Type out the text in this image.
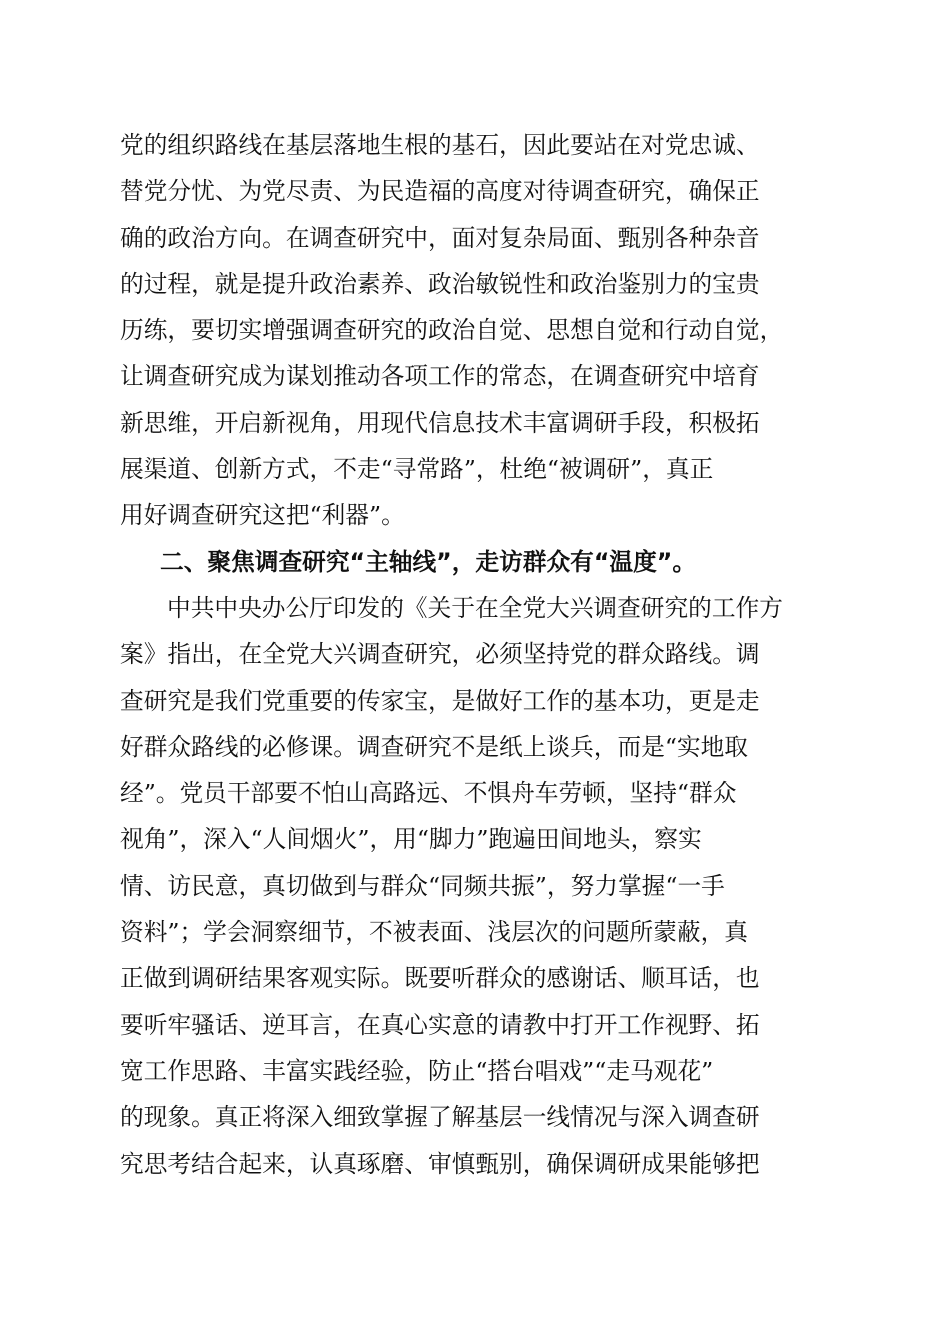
党的组织路线在基层落地生根的基石，因此要站在对党忠诚、
替党分忧、为党尽责、为民造福的高度对待调查研究，确保正
确的政治方向。在调查研究中，面对复杂局面、甄别各种杂音
的过程，就是提升政治素养、政治敏锐性和政治鉴别力的宝贵
历练，要切实增强调查研究的政治自觉、思想自觉和行动自觉，
让调查研究成为谋划推动各项工作的常态，在调查研究中培育
新思维，开启新视角，用现代信息技术丰富调研手段，积极拓
展渠道、创新方式，不走“寻常路”，杜绝“被调研”，真正
用好调查研究这把“利器”。
二、聚焦调查研究“主轴线”，走访群众有“温度”。
中共中央办公厅印发的《关于在全党大兴调查研究的工作方
案》指出，在全党大兴调查研究，必须坚持党的群众路线。调
查研究是我们党重要的传家宝，是做好工作的基本功，更是走
好群众路线的必修课。调查研究不是纸上谈兵，而是“实地取
经”。党员干部要不怕山高路远、不惧舟车劳顿，坚持“群众
视角”，深入“人间烟火”，用“脚力”跑遍田间地头，察实
情、访民意，真切做到与群众“同频共振”，努力掌握“一手
资料”；学会洞察细节，不被表面、浅层次的问题所蒙蔽，真
正做到调研结果客观实际。既要听群众的感谢话、顺耳话，也
要听牢骚话、逆耳言，在真心实意的请教中打开工作视野、拓
宽工作思路、丰富实践经验，防止“搭台唱戏”“走马观花”
的现象。真正将深入细致掌握了解基层一线情况与深入调查研
究思考结合起来，认真琢磨、审慎甄别，确保调研成果能够把
